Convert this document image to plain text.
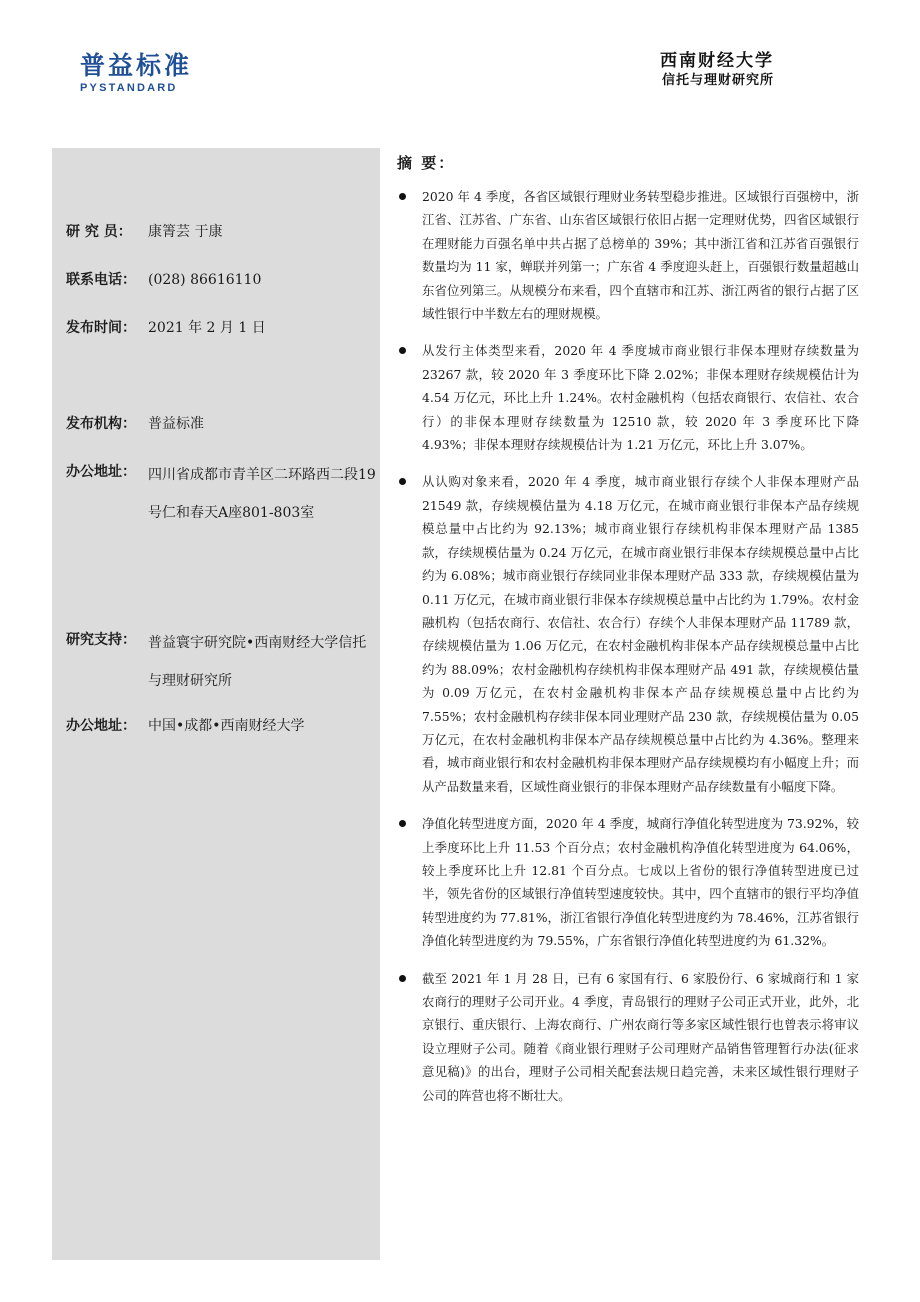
普益标准
PYSTANDARD
西南财经大学
信托与理财研究所
研 究 员：	康箐芸 于康
联系电话： (028) 86616110
发布时间： 2021 年 2 月 1 日
发布机构： 普益标准
办公地址： 四川省成都市青羊区二环路西二段19号仁和春天A座801-803室
研究支持： 普益寰宇研究院•西南财经大学信托与理财研究所
办公地址： 中国•成都•西南财经大学
摘 要：
2020 年 4 季度，各省区域银行理财业务转型稳步推进。区域银行百强榜中，浙江省、江苏省、广东省、山东省区域银行依旧占据一定理财优势，四省区域银行在理财能力百强名单中共占据了总榜单的 39%；其中浙江省和江苏省百强银行数量均为 11 家，蝉联并列第一；广东省 4 季度迎头赶上，百强银行数量超越山东省位列第三。从规模分布来看，四个直辖市和江苏、浙江两省的银行占据了区域性银行中半数左右的理财规模。
从发行主体类型来看，2020 年 4 季度城市商业银行非保本理财存续数量为 23267 款，较 2020 年 3 季度环比下降 2.02%；非保本理财存续规模估计为 4.54 万亿元，环比上升 1.24%。农村金融机构（包括农商银行、农信社、农合行）的非保本理财存续数量为 12510 款，较 2020 年 3 季度环比下降 4.93%；非保本理财存续规模估计为 1.21 万亿元，环比上升 3.07%。
从认购对象来看，2020 年 4 季度，城市商业银行存续个人非保本理财产品 21549 款，存续规模估量为 4.18 万亿元，在城市商业银行非保本产品存续规模总量中占比约为 92.13%；城市商业银行存续机构非保本理财产品 1385 款，存续规模估量为 0.24 万亿元，在城市商业银行非保本存续规模总量中占比约为 6.08%；城市商业银行存续同业非保本理财产品 333 款，存续规模估量为 0.11 万亿元，在城市商业银行非保本存续规模总量中占比约为 1.79%。农村金融机构（包括农商行、农信社、农合行）存续个人非保本理财产品 11789 款，存续规模估量为 1.06 万亿元，在农村金融机构非保本产品存续规模总量中占比约为 88.09%；农村金融机构存续机构非保本理财产品 491 款，存续规模估量为 0.09 万亿元，在农村金融机构非保本产品存续规模总量中占比约为 7.55%；农村金融机构存续非保本同业理财产品 230 款，存续规模估量为 0.05 万亿元，在农村金融机构非保本产品存续规模总量中占比约为 4.36%。整理来看，城市商业银行和农村金融机构非保本理财产品存续规模均有小幅度上升；而从产品数量来看，区域性商业银行的非保本理财产品存续数量有小幅度下降。
净值化转型进度方面，2020 年 4 季度，城商行净值化转型进度为 73.92%，较上季度环比上升 11.53 个百分点；农村金融机构净值化转型进度为 64.06%，较上季度环比上升 12.81 个百分点。七成以上省份的银行净值转型进度已过半，领先省份的区域银行净值转型速度较快。其中，四个直辖市的银行平均净值转型进度约为 77.81%，浙江省银行净值化转型进度约为 78.46%，江苏省银行净值化转型进度约为 79.55%，广东省银行净值化转型进度约为 61.32%。
截至 2021 年 1 月 28 日，已有 6 家国有行、6 家股份行、6 家城商行和 1 家农商行的理财子公司开业。4 季度，青岛银行的理财子公司正式开业，此外，北京银行、重庆银行、上海农商行、广州农商行等多家区域性银行也曾表示将审议设立理财子公司。随着《商业银行理财子公司理财产品销售管理暂行办法(征求意见稿)》的出台，理财子公司相关配套法规日趋完善，未来区域性银行理财子公司的阵营也将不断壮大。
